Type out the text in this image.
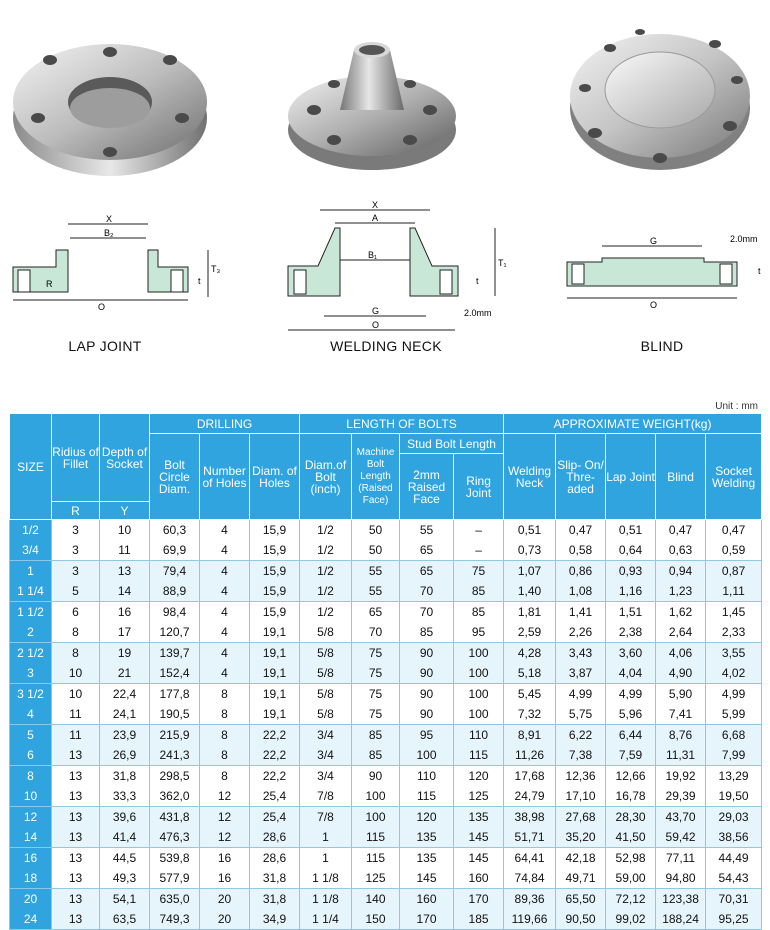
X
B₂
T₃
t
R
O
X
A
B₁
T₁
t
G
O
2.0mm
G
O
t
2.0mm
LAP JOINT	WELDING NECK	BLIND
Unit : mm
SIZE	Ridius of Fillet	Depth of Socket	DRILLING			LENGTH OF BOLTS				APPROXIMATE WEIGHT(kg)				
			Bolt Circle Diam.	Number of Holes	Diam. of Holes	Diam.of Bolt (inch)	Machine Bolt Length (Raised Face)	Stud Bolt Length		Welding Neck	Slip- On/ Thre- aded	Lap Joint	Blind	Socket Welding
								2mm Raised Face	Ring Joint					
	R	Y												
1/2	3	10	60,3	4	15,9	1/2	50	55	–	0,51	0,47	0,51	0,47	0,47
3/4	3	11	69,9	4	15,9	1/2	50	65	–	0,73	0,58	0,64	0,63	0,59
1	3	13	79,4	4	15,9	1/2	55	65	75	1,07	0,86	0,93	0,94	0,87
1 1/4	5	14	88,9	4	15,9	1/2	55	70	85	1,40	1,08	1,16	1,23	1,11
1 1/2	6	16	98,4	4	15,9	1/2	65	70	85	1,81	1,41	1,51	1,62	1,45
2	8	17	120,7	4	19,1	5/8	70	85	95	2,59	2,26	2,38	2,64	2,33
2 1/2	8	19	139,7	4	19,1	5/8	75	90	100	4,28	3,43	3,60	4,06	3,55
3	10	21	152,4	4	19,1	5/8	75	90	100	5,18	3,87	4,04	4,90	4,02
3 1/2	10	22,4	177,8	8	19,1	5/8	75	90	100	5,45	4,99	4,99	5,90	4,99
4	11	24,1	190,5	8	19,1	5/8	75	90	100	7,32	5,75	5,96	7,41	5,99
5	11	23,9	215,9	8	22,2	3/4	85	95	110	8,91	6,22	6,44	8,76	6,68
6	13	26,9	241,3	8	22,2	3/4	85	100	115	11,26	7,38	7,59	11,31	7,99
8	13	31,8	298,5	8	22,2	3/4	90	110	120	17,68	12,36	12,66	19,92	13,29
10	13	33,3	362,0	12	25,4	7/8	100	115	125	24,79	17,10	16,78	29,39	19,50
12	13	39,6	431,8	12	25,4	7/8	100	120	135	38,98	27,68	28,30	43,70	29,03
14	13	41,4	476,3	12	28,6	1	115	135	145	51,71	35,20	41,50	59,42	38,56
16	13	44,5	539,8	16	28,6	1	115	135	145	64,41	42,18	52,98	77,11	44,49
18	13	49,3	577,9	16	31,8	1 1/8	125	145	160	74,84	49,71	59,00	94,80	54,43
20	13	54,1	635,0	20	31,8	1 1/8	140	160	170	89,36	65,50	72,12	123,38	70,31
24	13	63,5	749,3	20	34,9	1 1/4	150	170	185	119,66	90,50	99,02	188,24	95,25
